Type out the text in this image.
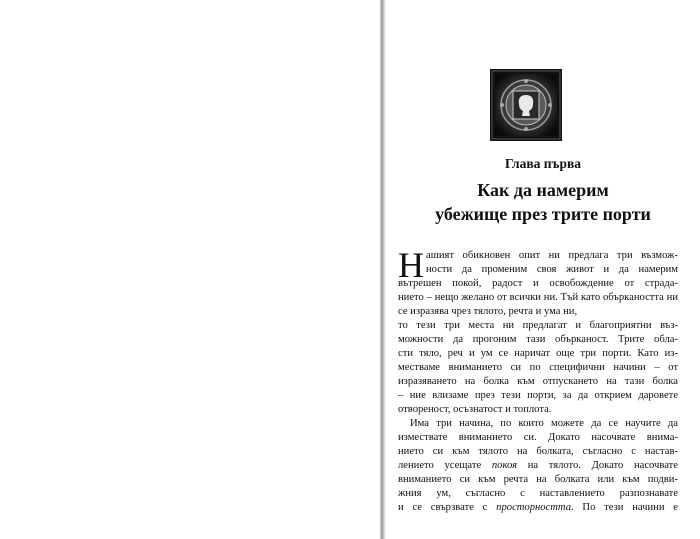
Глава първа
Как да намерим
убежище през трите порти
Н ашият обикновен опит ни предлага три възмож-
ности да променим своя живот и да намерим
вътрешен покой, радост и освобождение от страда-
нието – нещо желано от всички ни. Тъй като объркаността ни се изразява чрез тялото, речта и ума ни,
то тези три места ни предлагат и благоприятни въз-
можности да прогоним тази обърканост. Трите обла-
сти тяло, реч и ум се наричат още три порти. Като из-
местваме вниманието си по специфични начини – от
изразяването на болка към отпускането на тази болка
– ние влизаме през тези порти, за да открием даровете отвореност, осъзнатост и топлота.
Има три начина, по които можете да се научите да
измествате вниманието си. Докато насочвате внима-
нието си към тялото на болката, съгласно с настав-
лението усещате покоя на тялото. Докато насочвате
вниманието си към речта на болката или към подви-
жния ум, съгласно с наставлението разпознавате
и се свързвате с просторността. По тези начини е
